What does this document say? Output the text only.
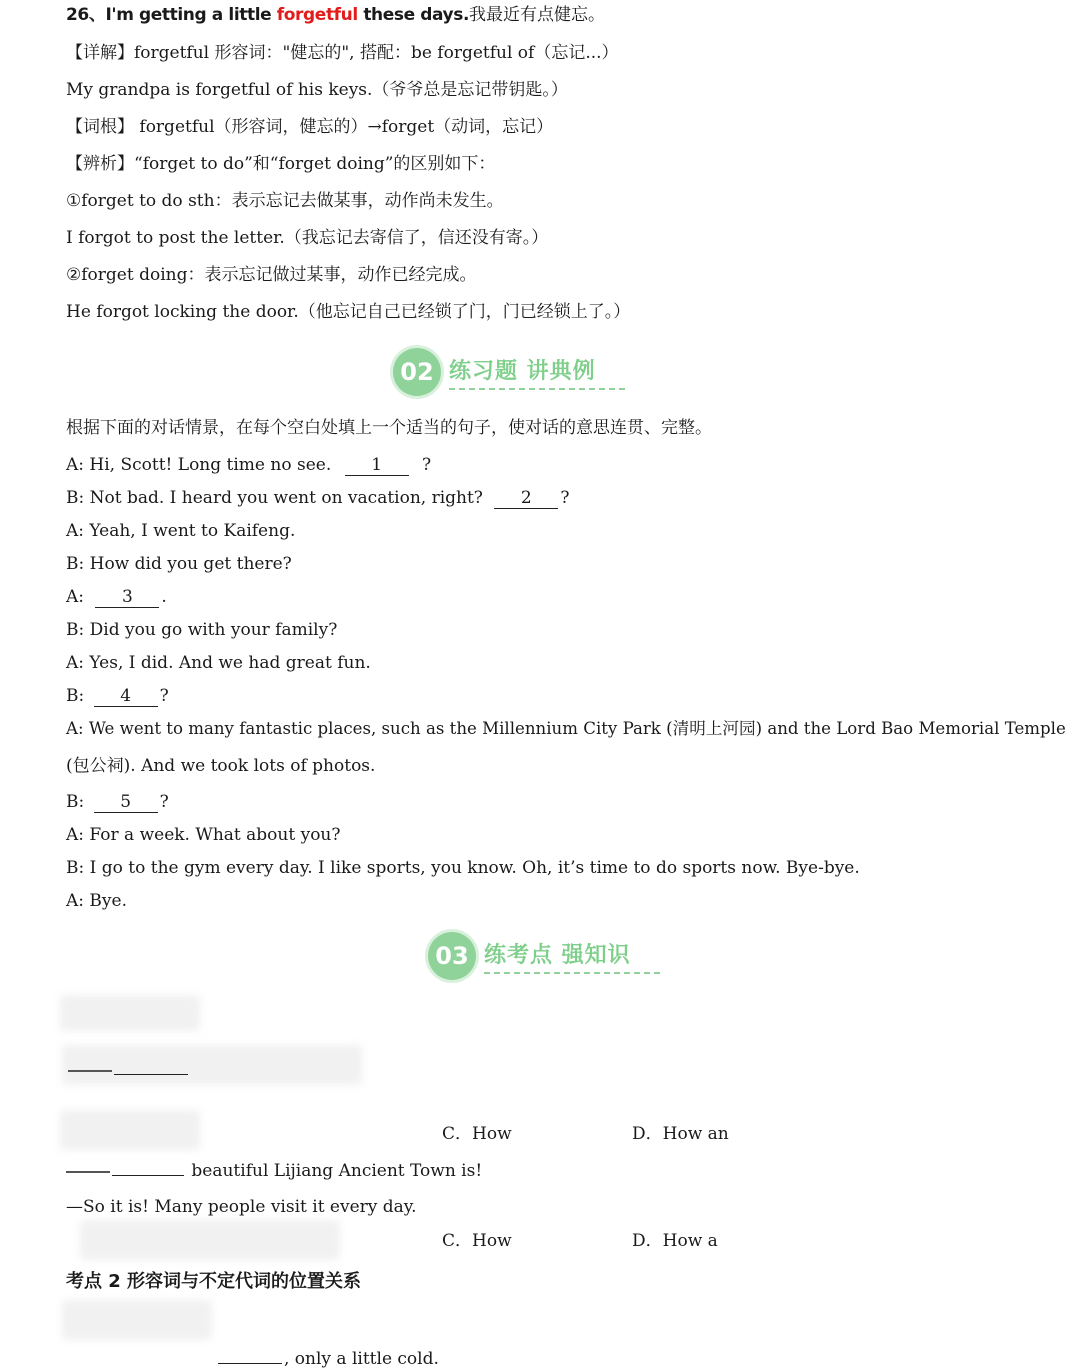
26、I'm getting a little forgetful these days.我最近有点健忘。
【详解】forgetful 形容词："健忘的", 搭配：be forgetful of（忘记...）
My grandpa is forgetful of his keys.（爷爷总是忘记带钥匙。）
【词根】 forgetful（形容词，健忘的）→forget（动词，忘记）
【辨析】“forget to do”和“forget doing”的区别如下：
①forget to do sth：表示忘记去做某事，动作尚未发生。
I forgot to post the letter.（我忘记去寄信了，信还没有寄。）
②forget doing：表示忘记做过某事，动作已经完成。
He forgot locking the door.（他忘记自己已经锁了门，门已经锁上了。）
02 练习题 讲典例
根据下面的对话情景，在每个空白处填上一个适当的句子，使对话的意思连贯、完整。
A: Hi, Scott! Long time no see. 1 ?
B: Not bad. I heard you went on vacation, right? 2 ?
A: Yeah, I went to Kaifeng.
B: How did you get there?
A: 3 .
B: Did you go with your family?
A: Yes, I did. And we had great fun.
B: 4 ?
A: We went to many fantastic places, such as the Millennium City Park (清明上河园) and the Lord Bao Memorial Temple
(包公祠). And we took lots of photos.
B: 5 ?
A: For a week. What about you?
B: I go to the gym every day. I like sports, you know. Oh, it’s time to do sports now. Bye-bye.
A: Bye.
03 练考点 强知识
C．How	D．How an
beautiful Lijiang Ancient Town is!
—So it is! Many people visit it every day.
C．How	D．How a
考点 2 形容词与不定代词的位置关系
, only a little cold.
